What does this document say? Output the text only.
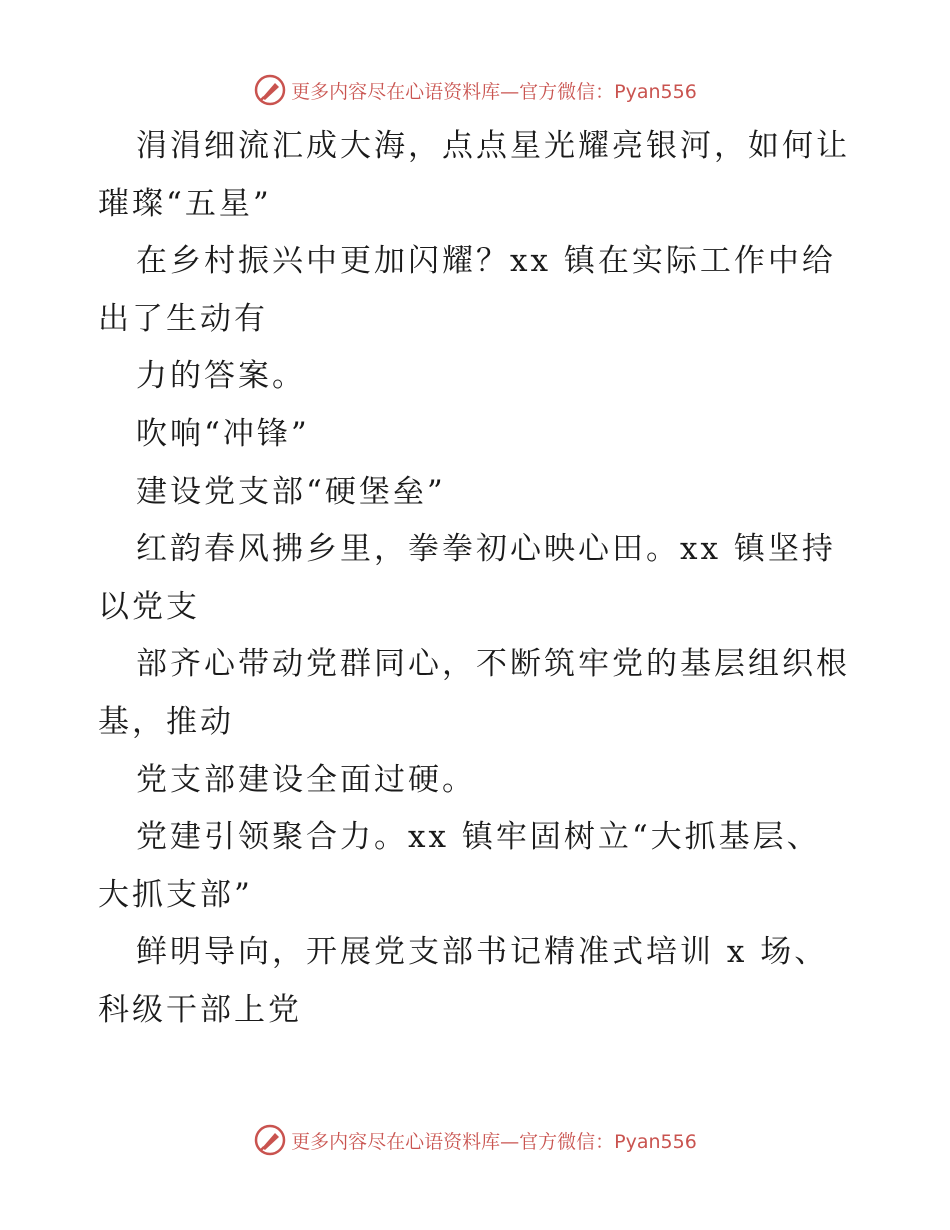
更多内容尽在心语资料库—官方微信：Pyan556
涓涓细流汇成大海，点点星光耀亮银河，如何让
璀璨“五星”
在乡村振兴中更加闪耀？xx 镇在实际工作中给
出了生动有
力的答案。
吹响“冲锋”
建设党支部“硬堡垒”
红韵春风拂乡里，拳拳初心映心田。xx 镇坚持
以党支
部齐心带动党群同心，不断筑牢党的基层组织根
基，推动
党支部建设全面过硬。
党建引领聚合力。xx 镇牢固树立“大抓基层、
大抓支部”
鲜明导向，开展党支部书记精准式培训 x 场、
科级干部上党
更多内容尽在心语资料库—官方微信：Pyan556
